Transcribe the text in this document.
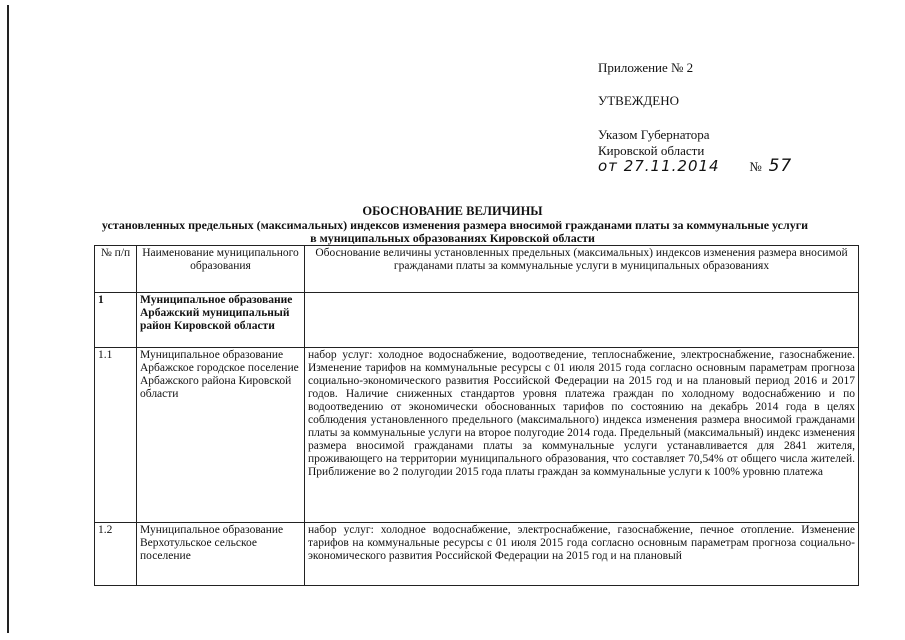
Приложение № 2
УТВЕЖДЕНО
Указом Губернатора
Кировской области
от 27.11.2014 № 57
ОБОСНОВАНИЕ ВЕЛИЧИНЫ
установленных предельных (максимальных) индексов изменения размера вносимой гражданами платы за коммунальные услуги
в муниципальных образованиях Кировской области
№ п/п	Наименование муниципального образования	Обоснование величины установленных предельных (максимальных) индексов изменения размера вносимой гражданами платы за коммунальные услуги в муниципальных образованиях
1	Муниципальное образование Арбажский муниципальный район Кировской области	
1.1	Муниципальное образование Арбажское городское поселение Арбажского района Кировской области	набор услуг: холодное водоснабжение, водоотведение, теплоснабжение, электроснабжение, газоснабжение. Изменение тарифов на коммунальные ресурсы с 01 июля 2015 года согласно основным параметрам прогноза социально-экономического развития Российской Федерации на 2015 год и на плановый период 2016 и 2017 годов. Наличие сниженных стандартов уровня платежа граждан по холодному водоснабжению и по водоотведению от экономически обоснованных тарифов по состоянию на декабрь 2014 года в целях соблюдения установленного предельного (максимального) индекса изменения размера вносимой гражданами платы за коммунальные услуги на второе полугодие 2014 года. Предельный (максимальный) индекс изменения размера вносимой гражданами платы за коммунальные услуги устанавливается для 2841 жителя, проживающего на территории муниципального образования, что составляет 70,54% от общего числа жителей. Приближение во 2 полугодии 2015 года платы граждан за коммунальные услуги к 100% уровню платежа
1.2	Муниципальное образование Верхотульское сельское поселение	набор услуг: холодное водоснабжение, электроснабжение, газоснабжение, печное отопление. Изменение тарифов на коммунальные ресурсы с 01 июля 2015 года согласно основным параметрам прогноза социально-экономического развития Российской Федерации на 2015 год и на плановый
